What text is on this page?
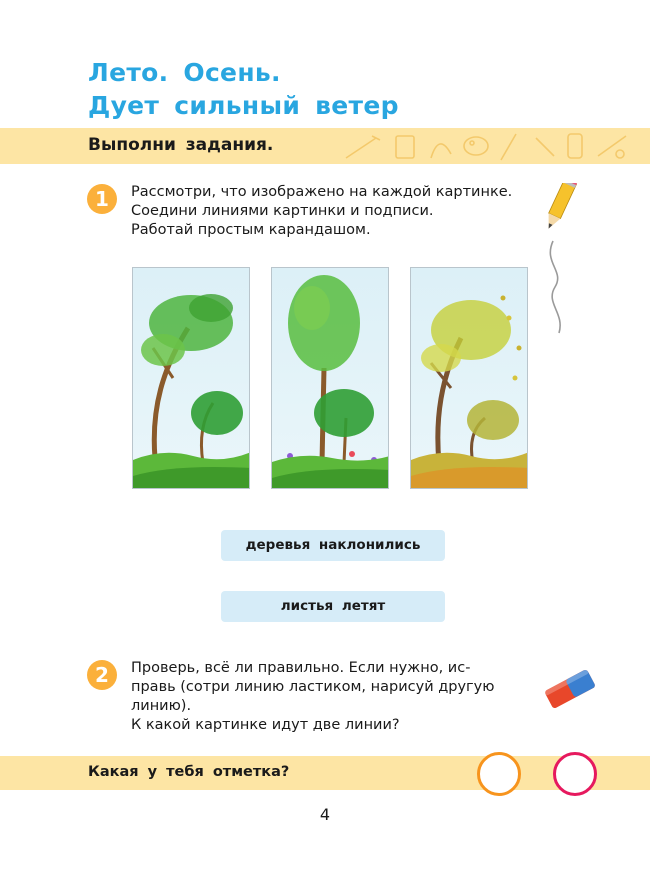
Лето. Осень.
Дует сильный ветер
Выполни задания.
1	Рассмотри, что изображено на каждой картинке.
Соедини линиями картинки и подписи.
Работай простым карандашом.
деревья наклонились
листья летят
2	Проверь, всё ли правильно. Если нужно, ис-
правь (сотри линию ластиком, нарисуй другую
линию).
К какой картинке идут две линии?
Какая у тебя отметка?
4
